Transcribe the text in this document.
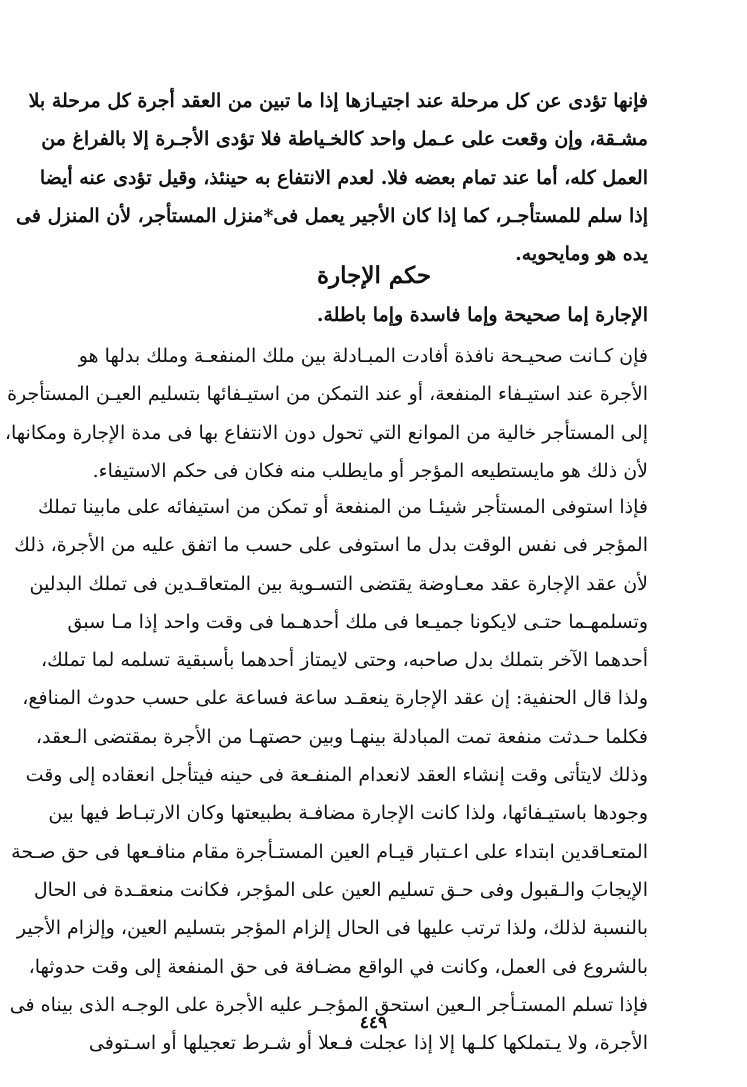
فإنها تؤدى عن كل مرحلة عند اجتيـازها إذا ما تبين من العقد أجرة كل مرحلة بلا
مشـقة، وإن وقعت على عـمل واحد كالخـياطة فلا تؤدى الأجـرة إلا بالفراغ من
العمل كله، أما عند تمام بعضه فلا. لعدم الانتفاع به حينئذ، وقيل تؤدى عنه أيضا
إذا سلم للمستأجـر، كما إذا كان الأجير يعمل فى*منزل المستأجر، لأن المنزل فى
يده هو ومايحويه.
حكم الإجارة
الإجارة إما صحيحة وإما فاسدة وإما باطلة.
فإن كـانت صحيـحة نافذة أفادت المبـادلة بين ملك المنفعـة وملك بدلها هو
الأجرة عند استيـفاء المنفعة، أو عند التمكن من استيـفائها بتسليم العيـن المستأجرة
إلى المستأجر خالية من الموانع التي تحول دون الانتفاع بها فى مدة الإجارة ومكانها،
لأن ذلك هو مايستطيعه المؤجر أو مايطلب منه فكان فى حكم الاستيفاء.
فإذا استوفى المستأجر شيئـا من المنفعة أو تمكن من استيفائه على مابينا تملك
المؤجر فى نفس الوقت بدل ما استوفى على حسب ما اتفق عليه من الأجرة، ذلك
لأن عقد الإجارة عقد معـاوضة يقتضى التسـوية بين المتعاقـدين فى تملك البدلين
وتسلمهـما حتـى لايكونا جميـعا فى ملك أحدهـما فى وقت واحد إذا مـا سبق
أحدهما الآخر بتملك بدل صاحبه، وحتى لايمتاز أحدهما بأسبقية تسلمه لما تملك،
ولذا قال الحنفية: إن عقد الإجارة ينعقـد ساعة فساعة على حسب حدوث المنافع،
فكلما حـدثت منفعة تمت المبادلة بينهـا وبين حصتهـا من الأجرة بمقتضى الـعقد،
وذلك لايتأتى وقت إنشاء العقد لانعدام المنفـعة فى حينه فيتأجل انعقاده إلى وقت
وجودها باستيـفائها، ولذا كانت الإجارة مضافـة بطبيعتها وكان الارتبـاط فيها بين
المتعـاقدين ابتداء على اعـتبار قيـام العين المستـأجرة مقام منافـعها فى حق صـحة
الإيجابَ والـقبول وفى حـق تسليم العين على المؤجر، فكانت منعقـدة فى الحال
بالنسبة لذلك، ولذا ترتب عليها فى الحال إلزام المؤجر بتسليم العين، وإلزام الأجير
بالشروع فى العمل، وكانت في الواقع مضـافة فى حق المنفعة إلى وقت حدوثها،
فإذا تسلم المستـأجر الـعين استحق المؤجـر عليه الأجرة على الوجـه الذى بيناه فى
الأجرة، ولا يـتملكها كلـها إلا إذا عجلت فـعلا أو شـرط تعجيلها أو اسـتوفى
٤٤٩
